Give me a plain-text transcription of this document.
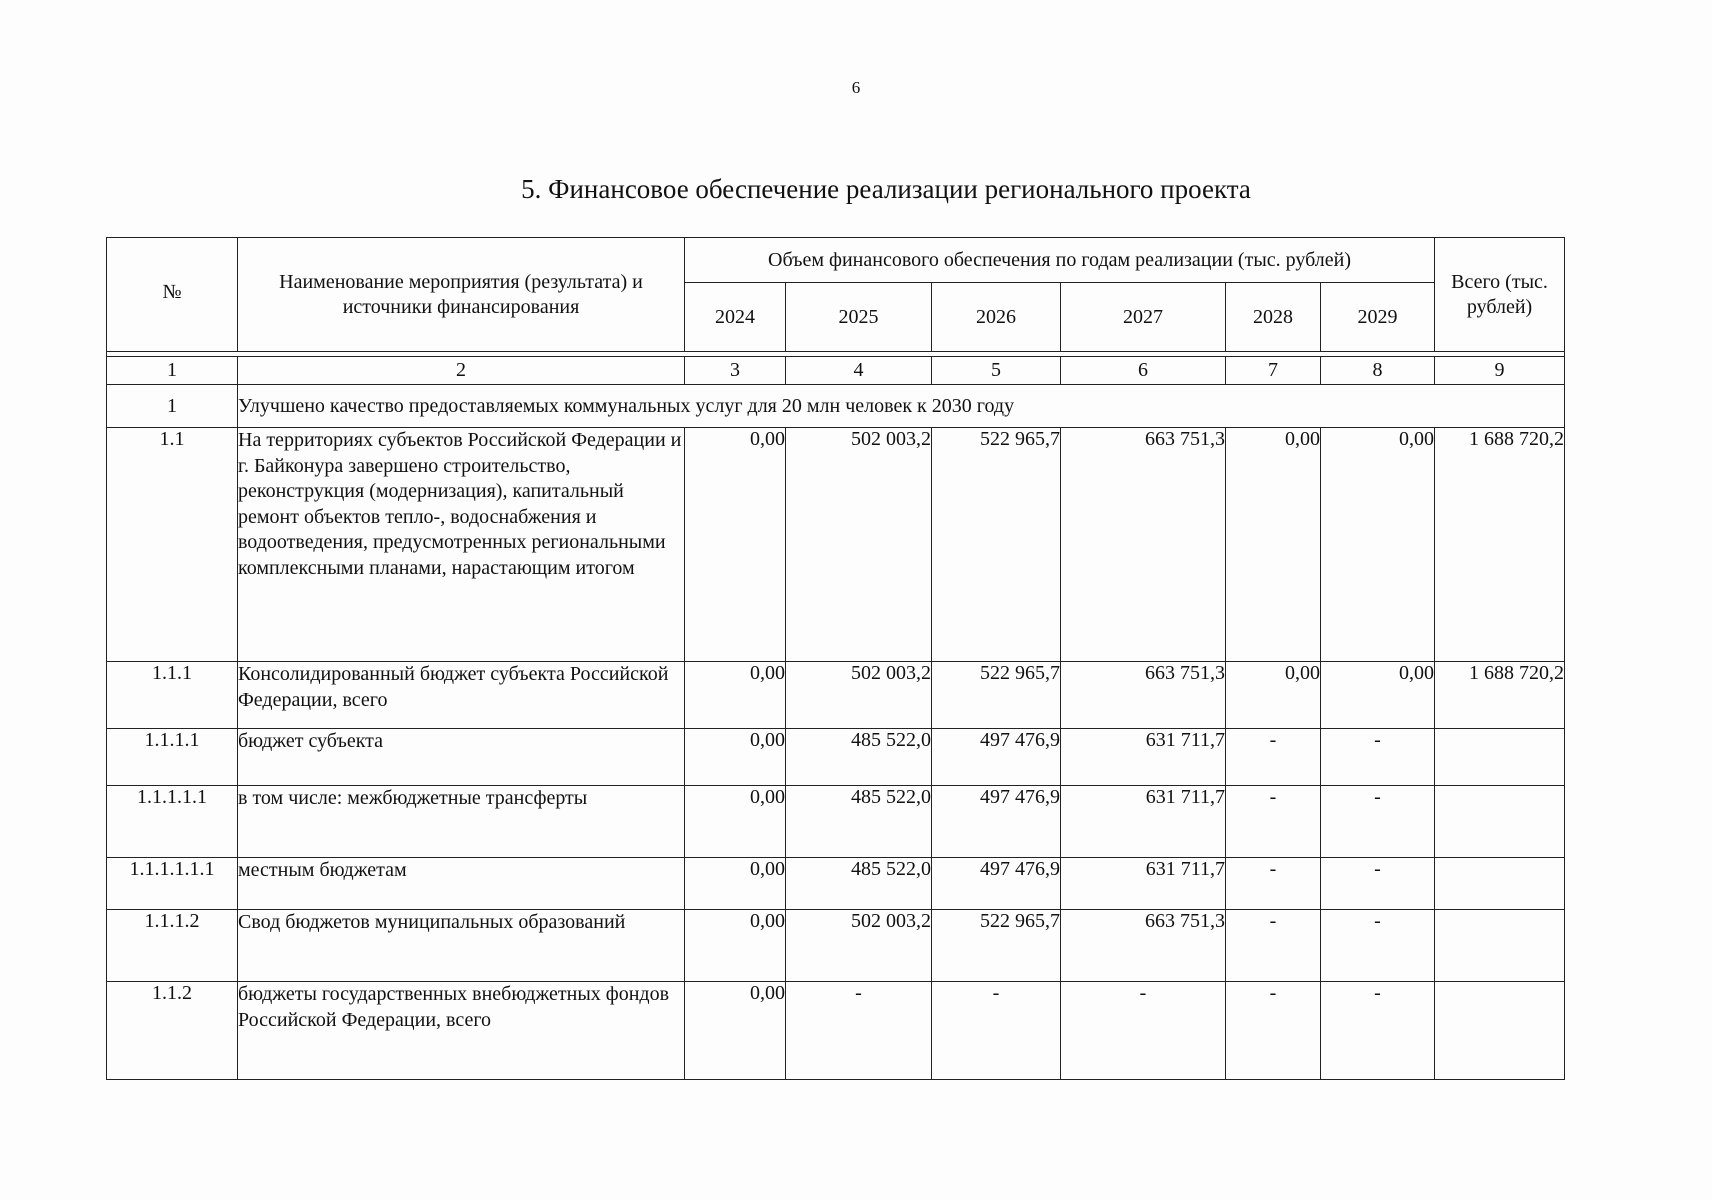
6
5. Финансовое обеспечение реализации регионального проекта
№	Наименование мероприятия (результата) и источники финансирования	Объем финансового обеспечения по годам реализации (тыс. рублей)						Всего (тыс. рублей)
		2024	2025	2026	2027	2028	2029	

1	2	3	4	5	6	7	8	9
1	Улучшено качество предоставляемых коммунальных услуг для 20 млн человек к 2030 году							
1.1	На территориях субъектов Российской Федерации и г. Байконура завершено строительство, реконструкция (модернизация), капитальный ремонт объектов тепло-, водоснабжения и водоотведения, предусмотренных региональными комплексными планами, нарастающим итогом	0,00	502 003,2	522 965,7	663 751,3	0,00	0,00	1 688 720,2
1.1.1	Консолидированный бюджет субъекта Российской Федерации, всего	0,00	502 003,2	522 965,7	663 751,3	0,00	0,00	1 688 720,2
1.1.1.1	бюджет субъекта	0,00	485 522,0	497 476,9	631 711,7	-	-	
1.1.1.1.1	в том числе: межбюджетные трансферты	0,00	485 522,0	497 476,9	631 711,7	-	-	
1.1.1.1.1.1	местным бюджетам	0,00	485 522,0	497 476,9	631 711,7	-	-	
1.1.1.2	Свод бюджетов муниципальных образований	0,00	502 003,2	522 965,7	663 751,3	-	-	
1.1.2	бюджеты государственных внебюджетных фондов Российской Федерации, всего	0,00	-	-	-	-	-	
